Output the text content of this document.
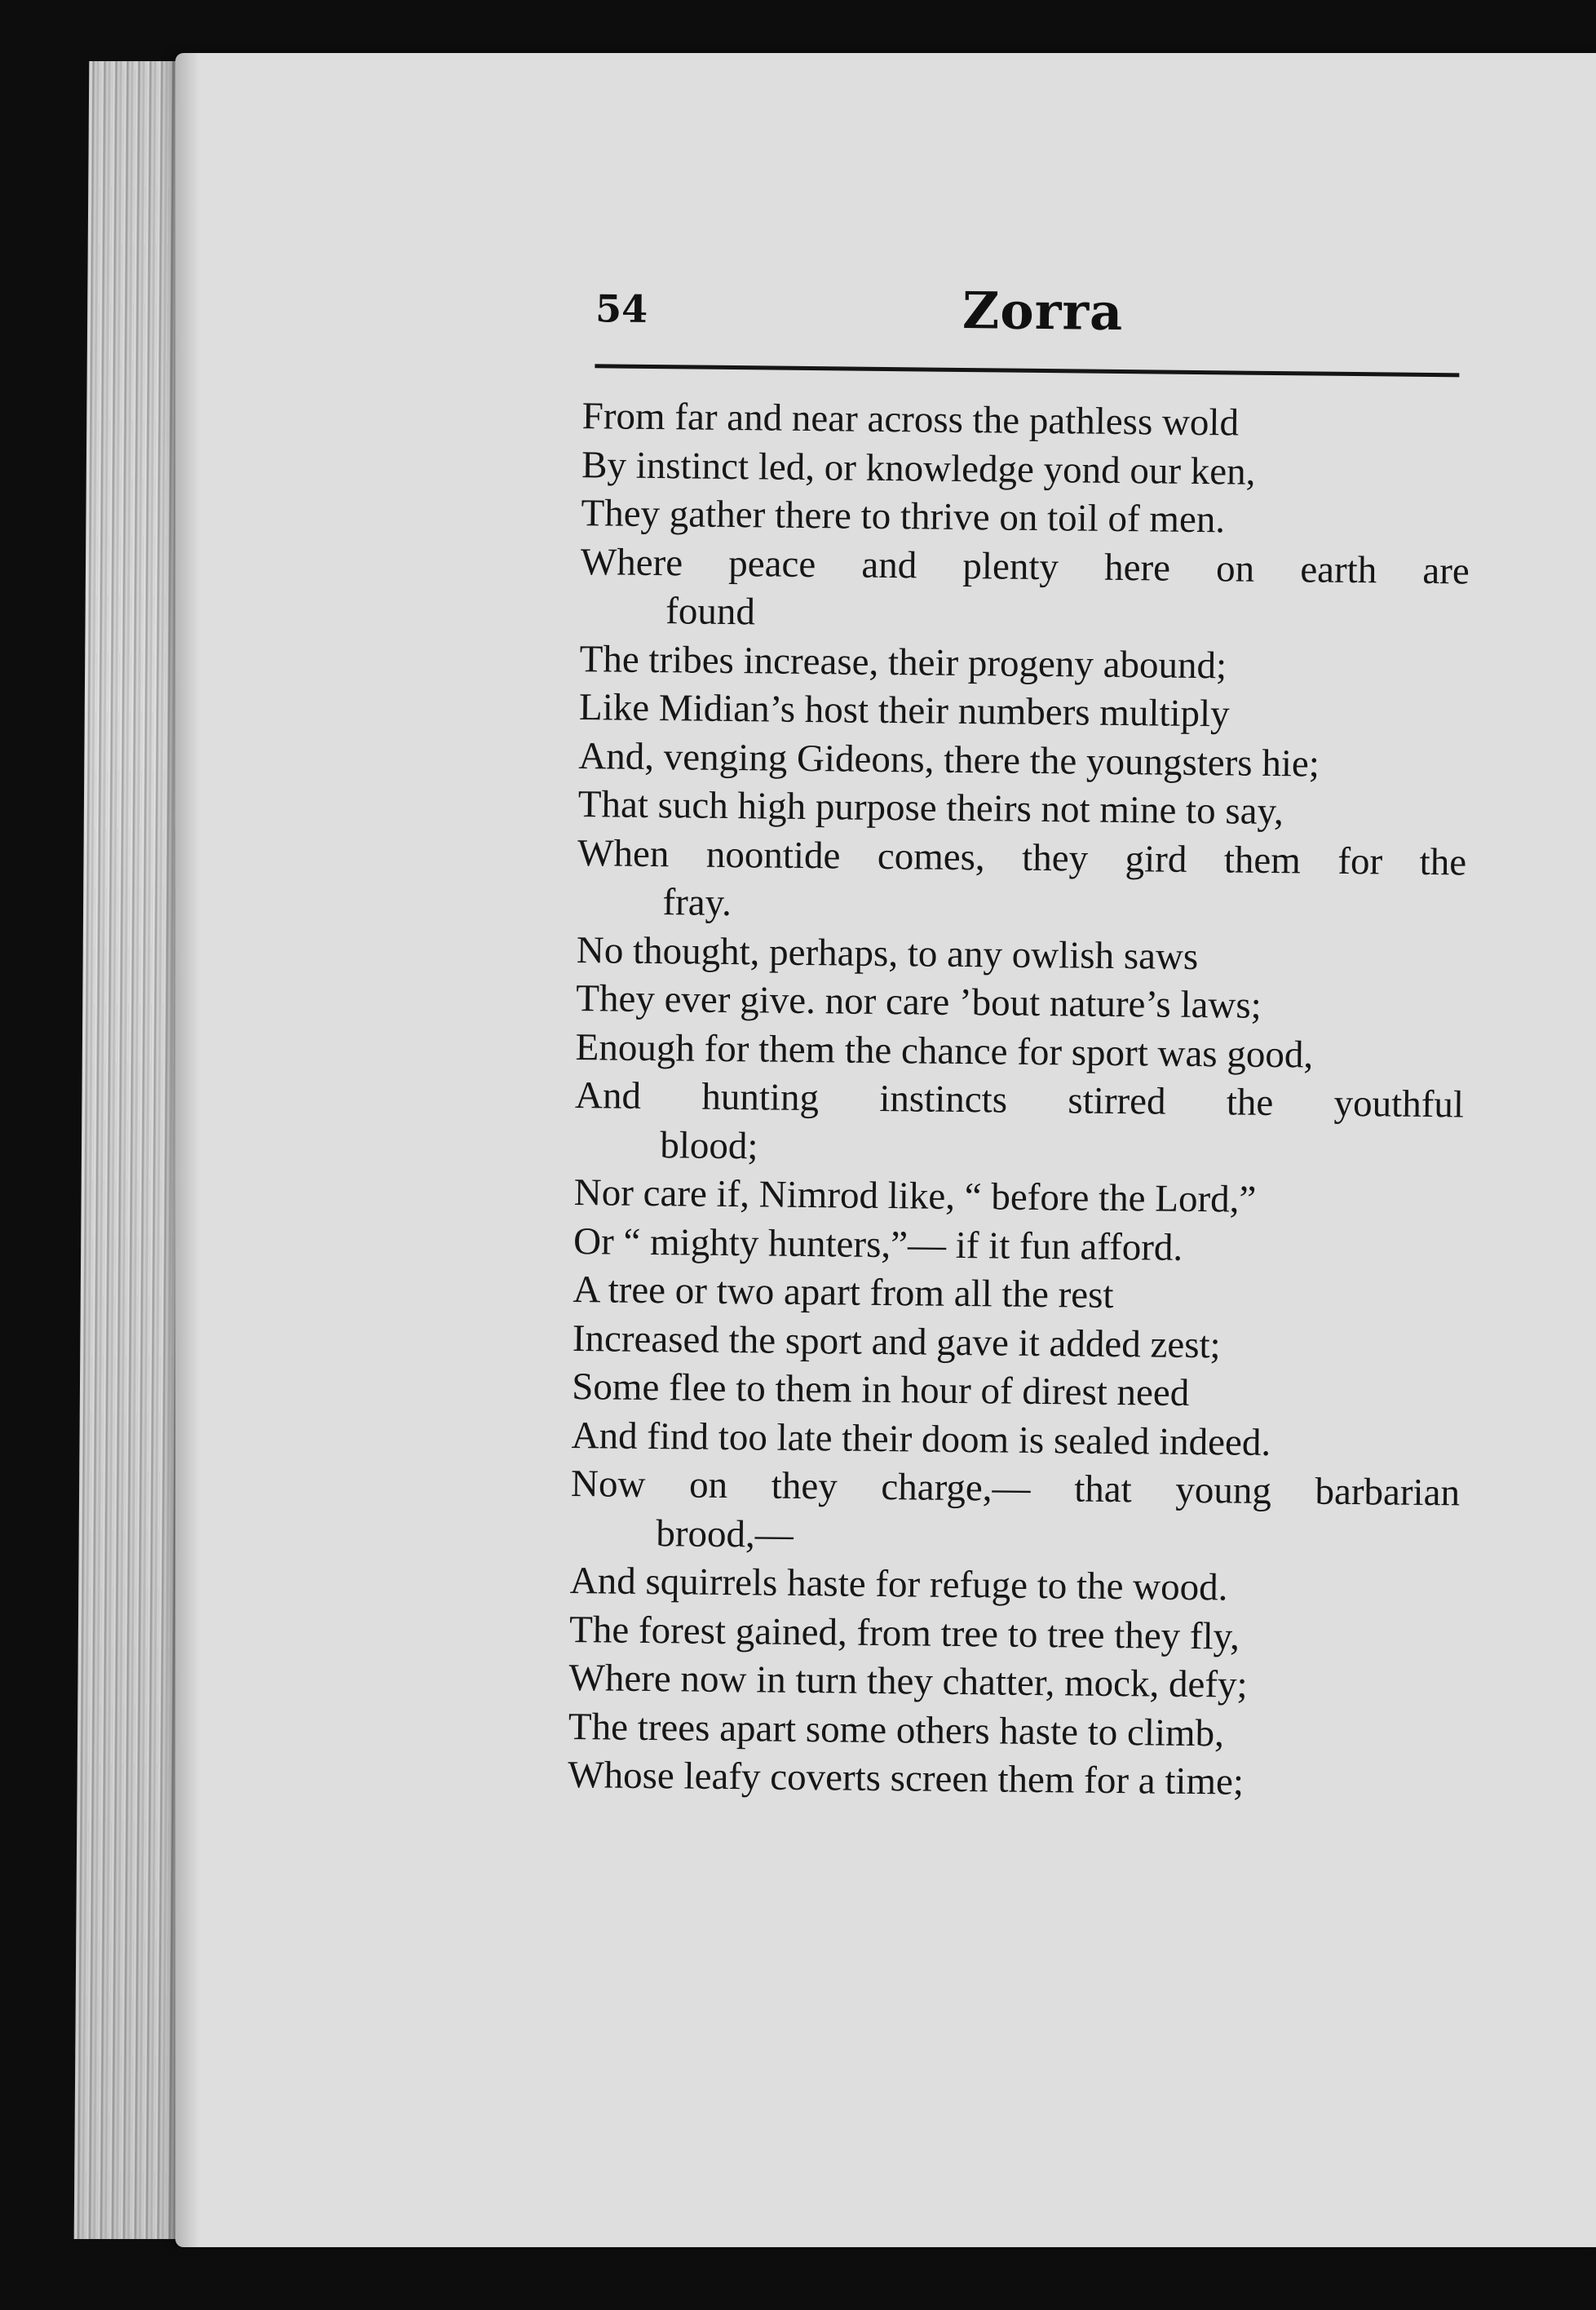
54	Zorra
From far and near across the pathless wold
By instinct led, or knowledge yond our ken,
They gather there to thrive on toil of men.
Where peace and plenty here on earth are
found
The tribes increase, their progeny abound;
Like Midian’s host their numbers multiply
And, venging Gideons, there the youngsters hie;
That such high purpose theirs not mine to say,
When noontide comes, they gird them for the
fray.
No thought, perhaps, to any owlish saws
They ever give. nor care ’bout nature’s laws;
Enough for them the chance for sport was good,
And hunting instincts stirred the youthful
blood;
Nor care if, Nimrod like, “ before the Lord,”
Or “ mighty hunters,”— if it fun afford.
A tree or two apart from all the rest
Increased the sport and gave it added zest;
Some flee to them in hour of direst need
And find too late their doom is sealed indeed.
Now on they charge,— that young barbarian
brood,—
And squirrels haste for refuge to the wood.
The forest gained, from tree to tree they fly,
Where now in turn they chatter, mock, defy;
The trees apart some others haste to climb,
Whose leafy coverts screen them for a time;
